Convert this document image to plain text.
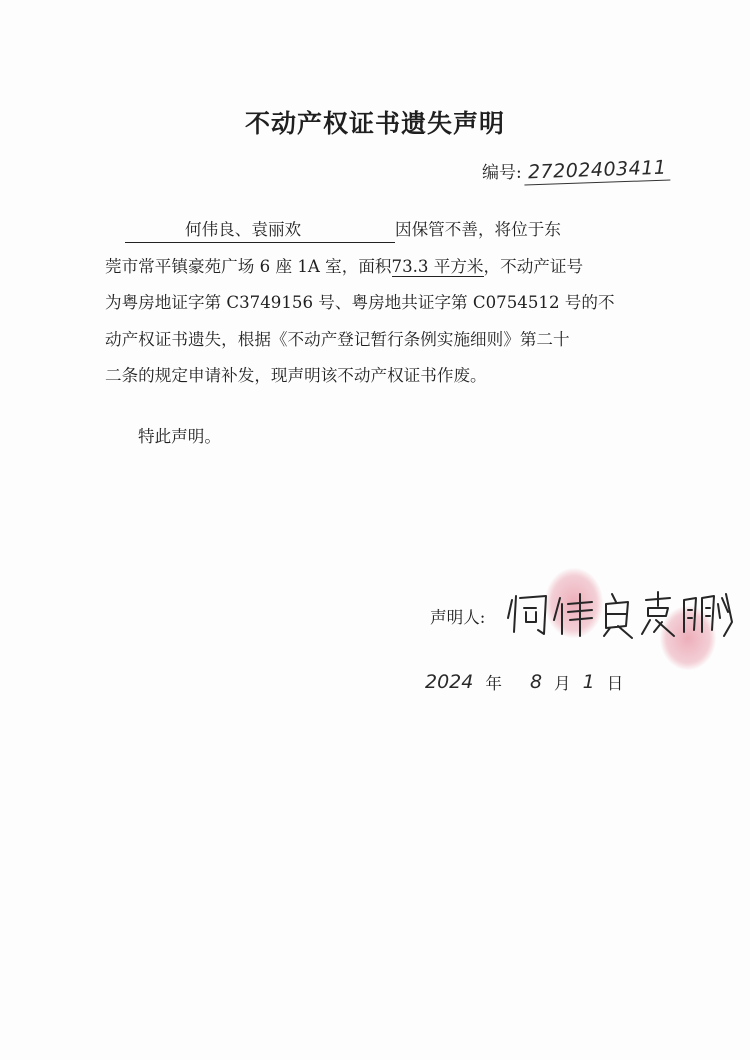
不动产权证书遗失声明
编号: 27202403411
何伟良、袁丽欢	因保管不善，将位于东
莞市常平镇豪苑广场 6 座 1A 室，面积73.3 平方米，不动产证号
为粤房地证字第 C3749156 号、粤房地共证字第 C0754512 号的不
动产权证书遗失，根据《不动产登记暂行条例实施细则》第二十
二条的规定申请补发，现声明该不动产权证书作废。
特此声明。
声明人:
2024 年 8 月 1 日
